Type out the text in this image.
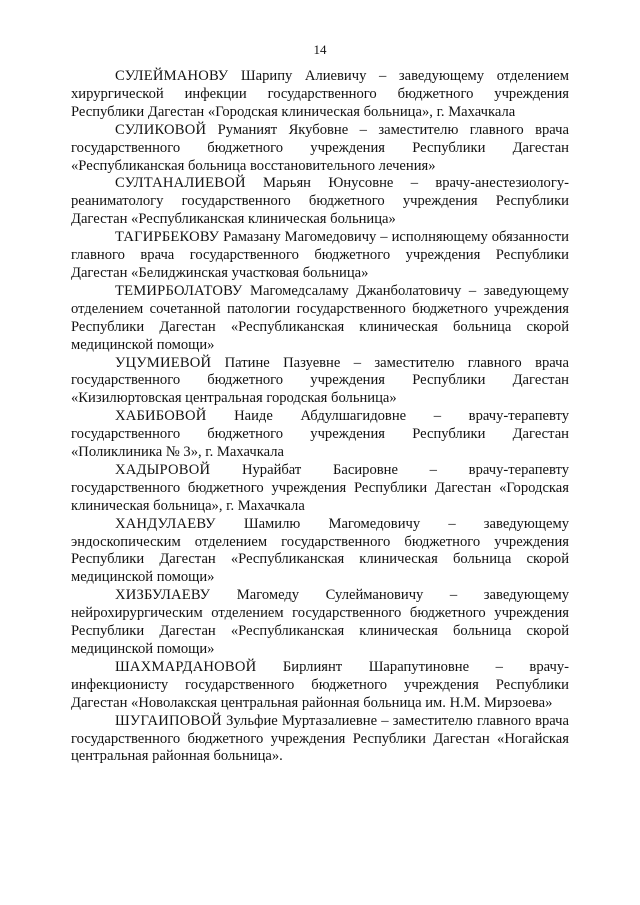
14

СУЛЕЙМАНОВУ Шарипу Алиевичу – заведующему отделением хирургической инфекции государственного бюджетного учреждения Республики Дагестан «Городская клиническая больница», г. Махачкала

СУЛИКОВОЙ Руманият Якубовне – заместителю главного врача государственного бюджетного учреждения Республики Дагестан «Республиканская больница восстановительного лечения»

СУЛТАНАЛИЕВОЙ Марьян Юнусовне – врачу-анестезиологу-реаниматологу государственного бюджетного учреждения Республики Дагестан «Республиканская клиническая больница»

ТАГИРБЕКОВУ Рамазану Магомедовичу – исполняющему обязанности главного врача государственного бюджетного учреждения Республики Дагестан «Белиджинская участковая больница»

ТЕМИРБОЛАТОВУ Магомедсаламу Джанболатовичу – заведующему отделением сочетанной патологии государственного бюджетного учреждения Республики Дагестан «Республиканская клиническая больница скорой медицинской помощи»

УЦУМИЕВОЙ Патине Пазуевне – заместителю главного врача государственного бюджетного учреждения Республики Дагестан «Кизилюртовская центральная городская больница»

ХАБИБОВОЙ Наиде Абдулшагидовне – врачу-терапевту государственного бюджетного учреждения Республики Дагестан «Поликлиника № 3», г. Махачкала

ХАДЫРОВОЙ Нурайбат Басировне – врачу-терапевту государственного бюджетного учреждения Республики Дагестан «Городская клиническая больница», г. Махачкала

ХАНДУЛАЕВУ Шамилю Магомедовичу – заведующему эндоскопическим отделением государственного бюджетного учреждения Республики Дагестан «Республиканская клиническая больница скорой медицинской помощи»

ХИЗБУЛАЕВУ Магомеду Сулейманoвичу – заведующему нейрохирургическим отделением государственного бюджетного учреждения Республики Дагестан «Республиканская клиническая больница скорой медицинской помощи»

ШАХМАРДАНОВОЙ Бирлиянт Шарапутиновне – врачу-инфекционисту государственного бюджетного учреждения Республики Дагестан «Новолакская центральная районная больница им. Н.М. Мирзоева»

ШУГАИПОВОЙ Зульфие Муртазалиевне – заместителю главного врача государственного бюджетного учреждения Республики Дагестан «Ногайская центральная районная больница».
